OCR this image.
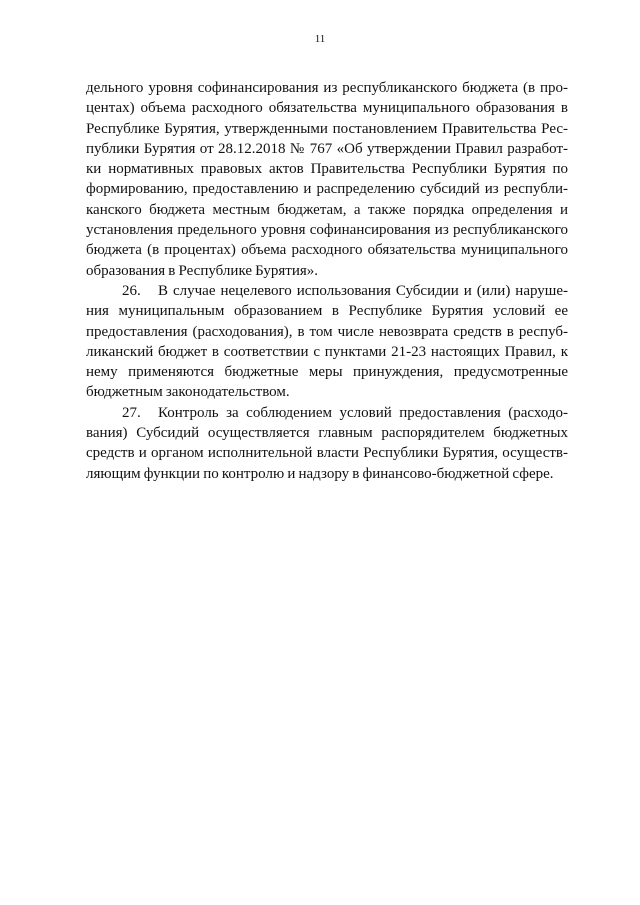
11
дельного уровня софинансирования из республиканского бюджета (в про-
центах) объема расходного обязательства муниципального образования в
Республике Бурятия, утвержденными постановлением Правительства Рес-
публики Бурятия от 28.12.2018 № 767 «Об утверждении Правил разработ-
ки нормативных правовых актов Правительства Республики Бурятия по
формированию, предоставлению и распределению субсидий из республи-
канского бюджета местным бюджетам, а также порядка определения и
установления предельного уровня софинансирования из республиканского
бюджета (в процентах) объема расходного обязательства муниципального
образования в Республике Бурятия».
26. В случае нецелевого использования Субсидии и (или) наруше-
ния муниципальным образованием в Республике Бурятия условий ее
предоставления (расходования), в том числе невозврата средств в респуб-
ликанский бюджет в соответствии с пунктами 21-23 настоящих Правил, к
нему применяются бюджетные меры принуждения, предусмотренные
бюджетным законодательством.
27. Контроль за соблюдением условий предоставления (расходо-
вания) Субсидий осуществляется главным распорядителем бюджетных
средств и органом исполнительной власти Республики Бурятия, осуществ-
ляющим функции по контролю и надзору в финансово-бюджетной сфере.
